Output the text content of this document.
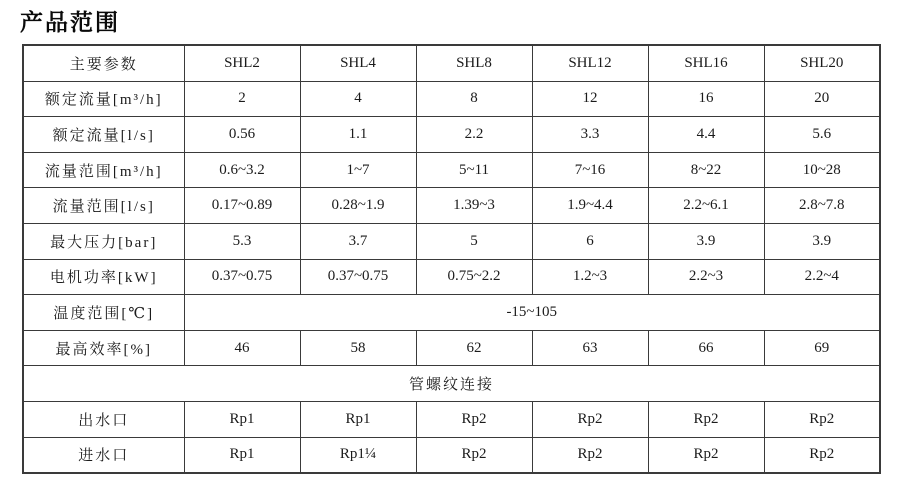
产品范围
主要参数	SHL2	SHL4	SHL8	SHL12	SHL16	SHL20
额定流量[m³/h]	2	4	8	12	16	20
额定流量[l/s]	0.56	1.1	2.2	3.3	4.4	5.6
流量范围[m³/h]	0.6~3.2	1~7	5~11	7~16	8~22	10~28
流量范围[l/s]	0.17~0.89	0.28~1.9	1.39~3	1.9~4.4	2.2~6.1	2.8~7.8
最大压力[bar]	5.3	3.7	5	6	3.9	3.9
电机功率[kW]	0.37~0.75	0.37~0.75	0.75~2.2	1.2~3	2.2~3	2.2~4
温度范围[℃]	-15~105					
最高效率[%]	46	58	62	63	66	69
管螺纹连接						
出水口	Rp1	Rp1	Rp2	Rp2	Rp2	Rp2
进水口	Rp1	Rp1¼	Rp2	Rp2	Rp2	Rp2
